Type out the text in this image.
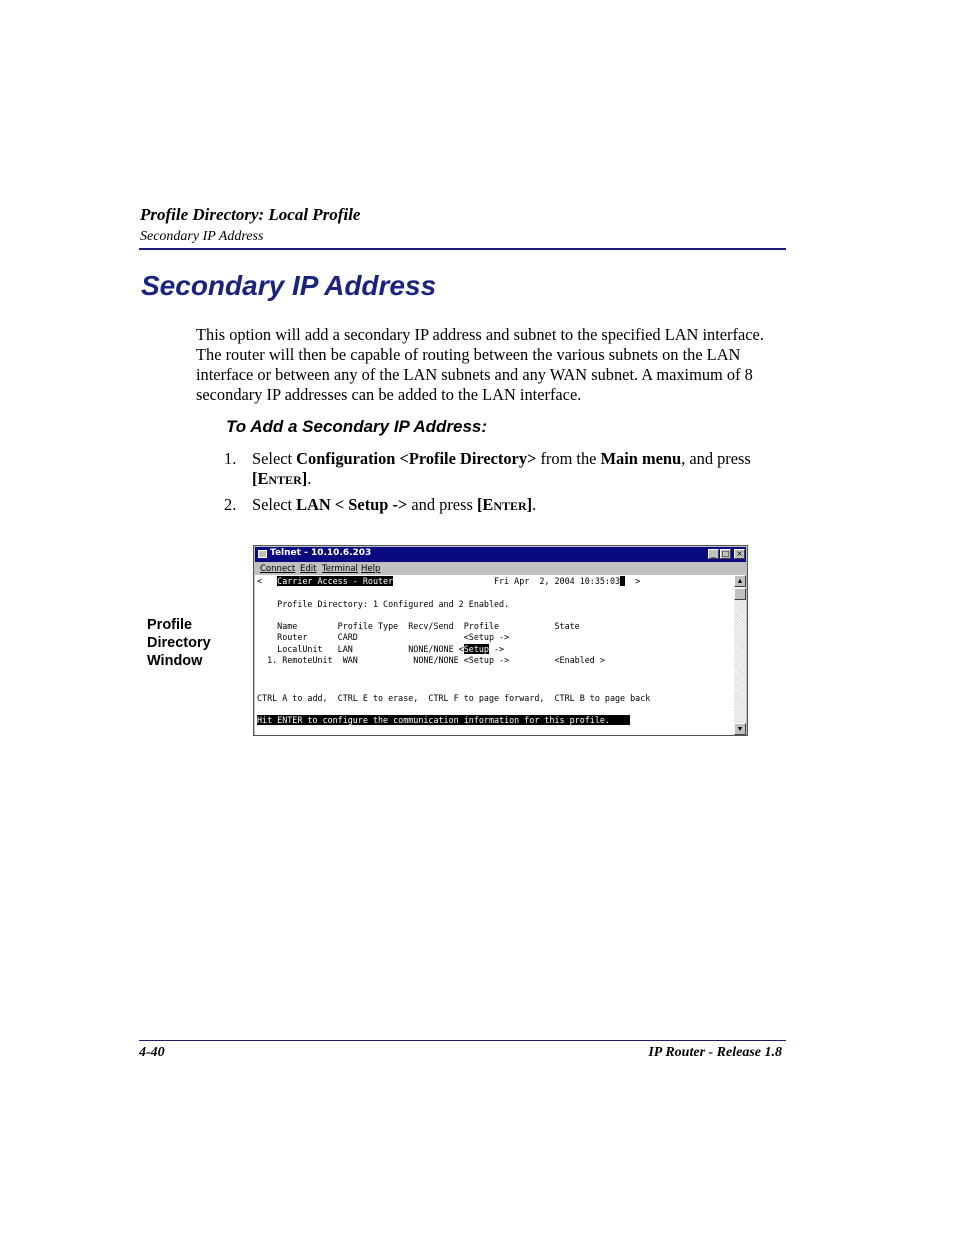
Profile Directory: Local Profile
Secondary IP Address
Secondary IP Address
This option will add a secondary IP address and subnet to the specified LAN interface. The router will then be capable of routing between the various subnets on the LAN interface or between any of the LAN subnets and any WAN subnet. A maximum of 8 secondary IP addresses can be added to the LAN interface.
To Add a Secondary IP Address:
1. Select Configuration <Profile Directory> from the Main menu, and press [ENTER].
2. Select LAN < Setup -> and press [ENTER].
Profile
Directory
Window
Telnet - 10.10.6.203	_ □ ×
Connect Edit Terminal Help
<   Carrier Access - Router                    Fri Apr  2, 2004 10:35:03   >
Profile Directory: 1 Configured and 2 Enabled.
Name        Profile Type  Recv/Send  Profile           State
Router      CARD                     <Setup ->
LocalUnit   LAN           NONE/NONE <Setup ->
1. RemoteUnit  WAN           NONE/NONE <Setup ->         <Enabled >
CTRL A to add,  CTRL E to erase,  CTRL F to page forward,  CTRL B to page back
Hit ENTER to configure the communication information for this profile.
▲
▼
4-40	IP Router - Release 1.8
